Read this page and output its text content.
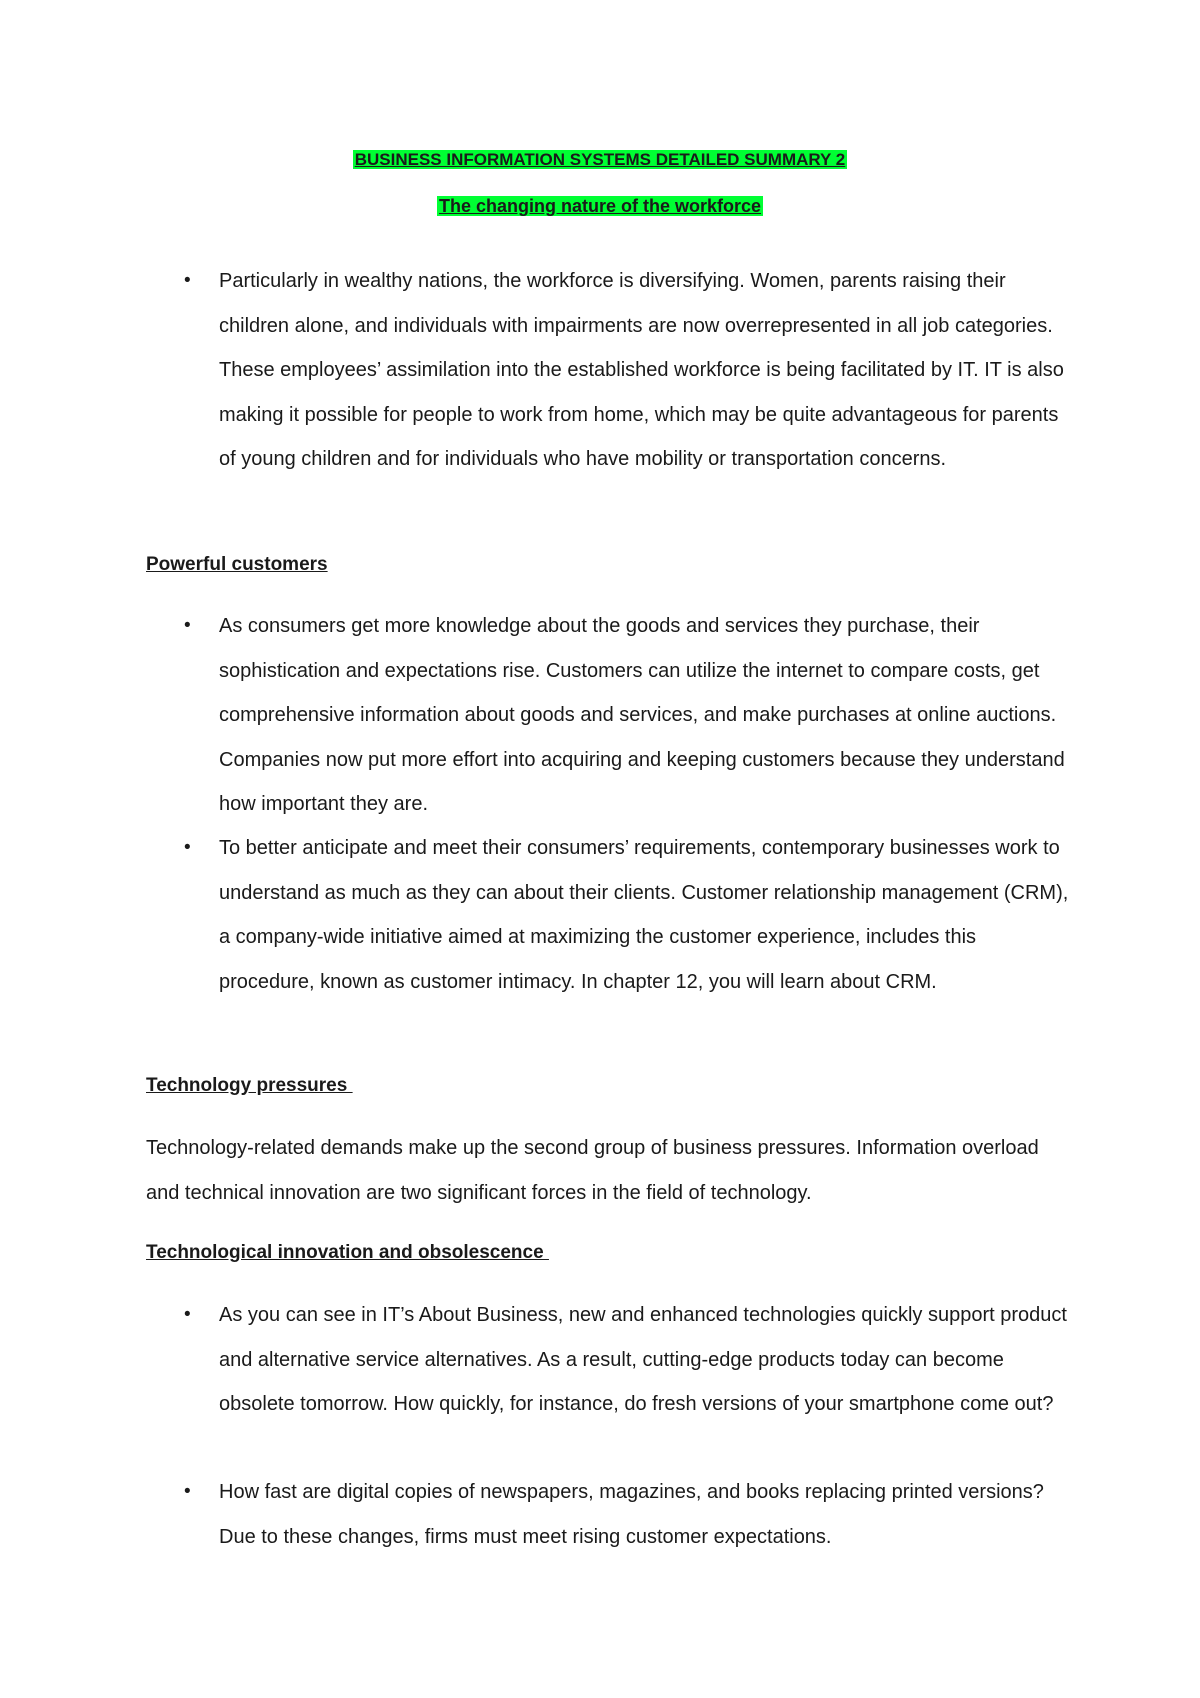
BUSINESS INFORMATION SYSTEMS DETAILED SUMMARY 2
The changing nature of the workforce
•	Particularly in wealthy nations, the workforce is diversifying. Women, parents raising their children alone, and individuals with impairments are now overrepresented in all job categories. These employees’ assimilation into the established workforce is being facilitated by IT. IT is also making it possible for people to work from home, which may be quite advantageous for parents of young children and for individuals who have mobility or transportation concerns.
Powerful customers
•	As consumers get more knowledge about the goods and services they purchase, their sophistication and expectations rise. Customers can utilize the internet to compare costs, get comprehensive information about goods and services, and make purchases at online auctions. Companies now put more effort into acquiring and keeping customers because they understand how important they are.
•	To better anticipate and meet their consumers’ requirements, contemporary businesses work to understand as much as they can about their clients. Customer relationship management (CRM), a company-wide initiative aimed at maximizing the customer experience, includes this procedure, known as customer intimacy. In chapter 12, you will learn about CRM.
Technology pressures
Technology-related demands make up the second group of business pressures. Information overload and technical innovation are two significant forces in the field of technology.
Technological innovation and obsolescence
•	As you can see in IT’s About Business, new and enhanced technologies quickly support product and alternative service alternatives. As a result, cutting-edge products today can become obsolete tomorrow. How quickly, for instance, do fresh versions of your smartphone come out?
•	How fast are digital copies of newspapers, magazines, and books replacing printed versions? Due to these changes, firms must meet rising customer expectations.
